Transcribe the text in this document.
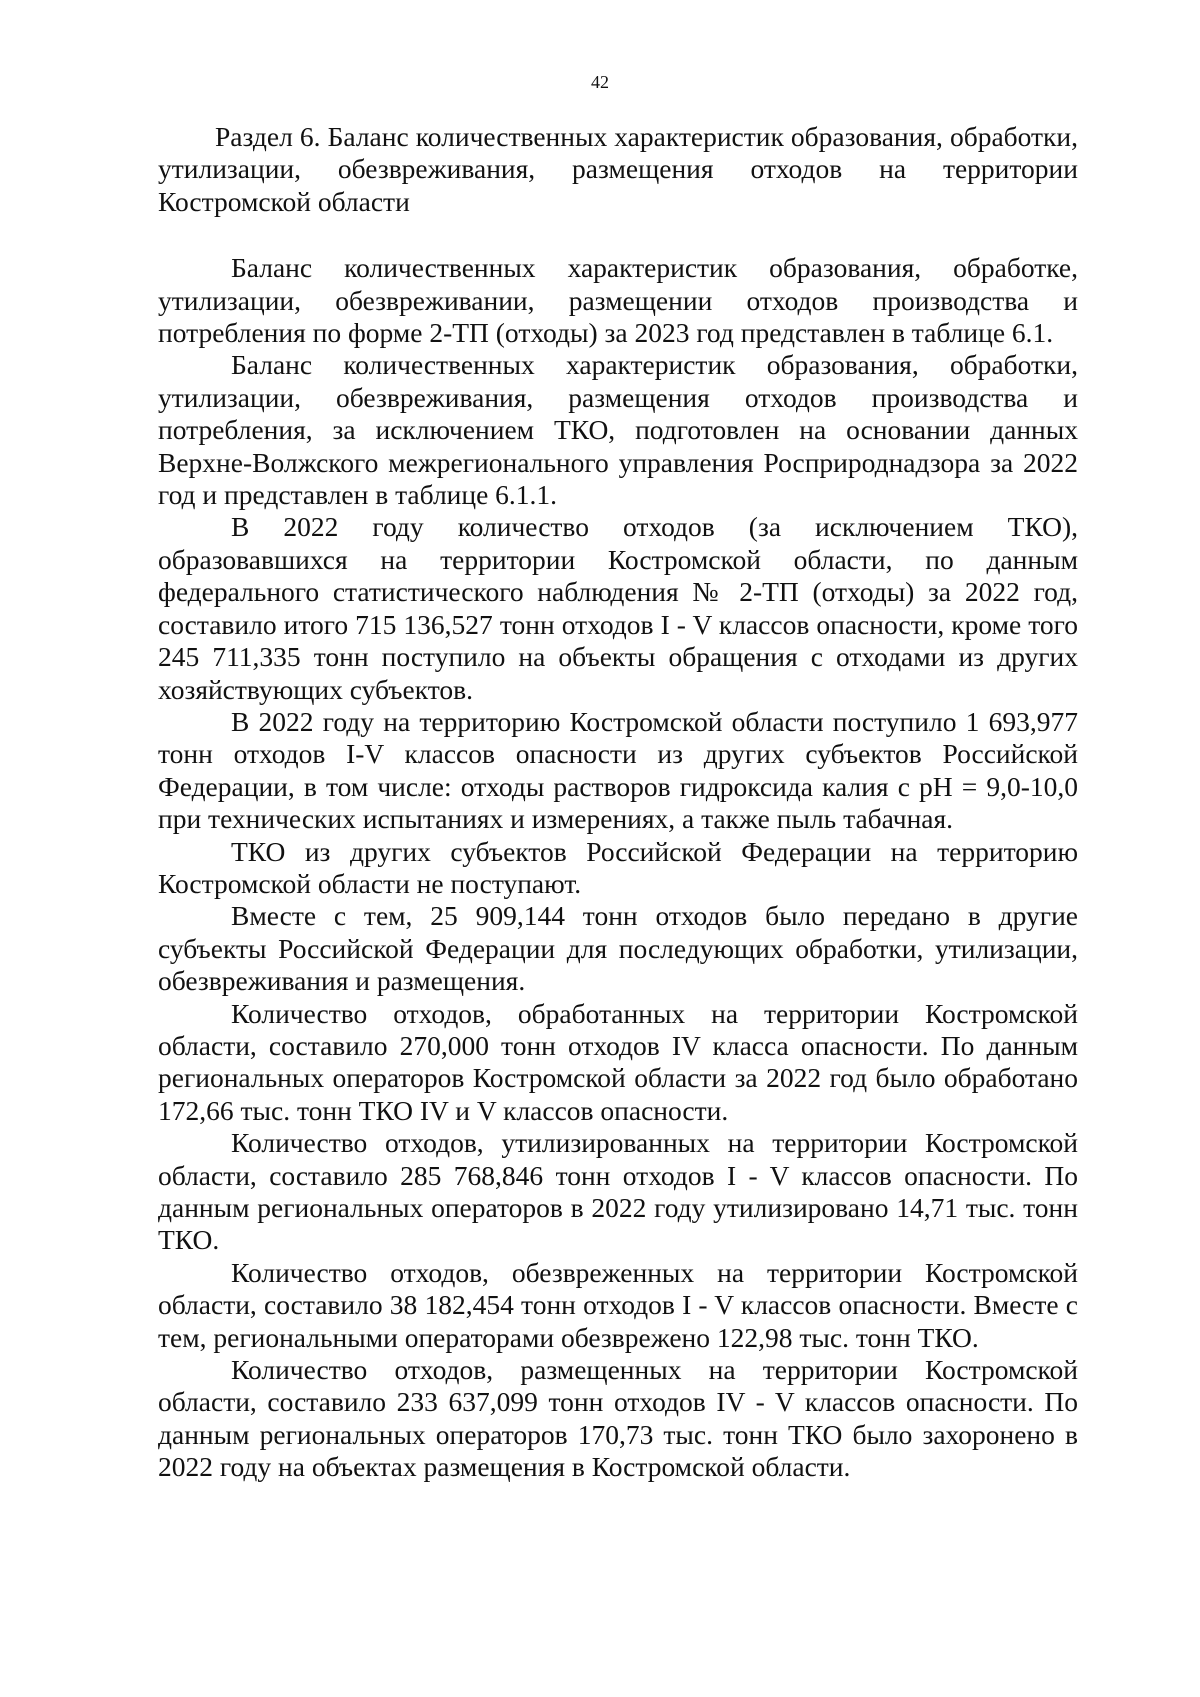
42

Раздел 6. Баланс количественных характеристик образования, обработки, утилизации, обезвреживания, размещения отходов на территории Костромской области

Баланс количественных характеристик образования, обработке, утилизации, обезвреживании, размещении отходов производства и потребления по форме 2-ТП (отходы) за 2023 год представлен в таблице 6.1.

Баланс количественных характеристик образования, обработки, утилизации, обезвреживания, размещения отходов производства и потребления, за исключением ТКО, подготовлен на основании данных Верхне-Волжского межрегионального управления Росприроднадзора за 2022 год и представлен в таблице 6.1.1.

В 2022 году количество отходов (за исключением ТКО), образовавшихся на территории Костромской области, по данным федерального статистического наблюдения № 2-ТП (отходы) за 2022 год, составило итого 715 136,527 тонн отходов I - V классов опасности, кроме того 245 711,335 тонн поступило на объекты обращения с отходами из других хозяйствующих субъектов.

В 2022 году на территорию Костромской области поступило 1 693,977 тонн отходов I-V классов опасности из других субъектов Российской Федерации, в том числе: отходы растворов гидроксида калия с pH = 9,0-10,0 при технических испытаниях и измерениях, а также пыль табачная.

ТКО из других субъектов Российской Федерации на территорию Костромской области не поступают.

Вместе с тем, 25 909,144 тонн отходов было передано в другие субъекты Российской Федерации для последующих обработки, утилизации, обезвреживания и размещения.

Количество отходов, обработанных на территории Костромской области, составило 270,000 тонн отходов IV класса опасности. По данным региональных операторов Костромской области за 2022 год было обработано 172,66 тыс. тонн ТКО IV и V классов опасности.

Количество отходов, утилизированных на территории Костромской области, составило 285 768,846 тонн отходов I - V классов опасности. По данным региональных операторов в 2022 году утилизировано 14,71 тыс. тонн ТКО.

Количество отходов, обезвреженных на территории Костромской области, составило 38 182,454 тонн отходов I - V классов опасности. Вместе с тем, региональными операторами обезврежено 122,98 тыс. тонн ТКО.

Количество отходов, размещенных на территории Костромской области, составило 233 637,099 тонн отходов IV - V классов опасности. По данным региональных операторов 170,73 тыс. тонн ТКО было захоронено в 2022 году на объектах размещения в Костромской области.
